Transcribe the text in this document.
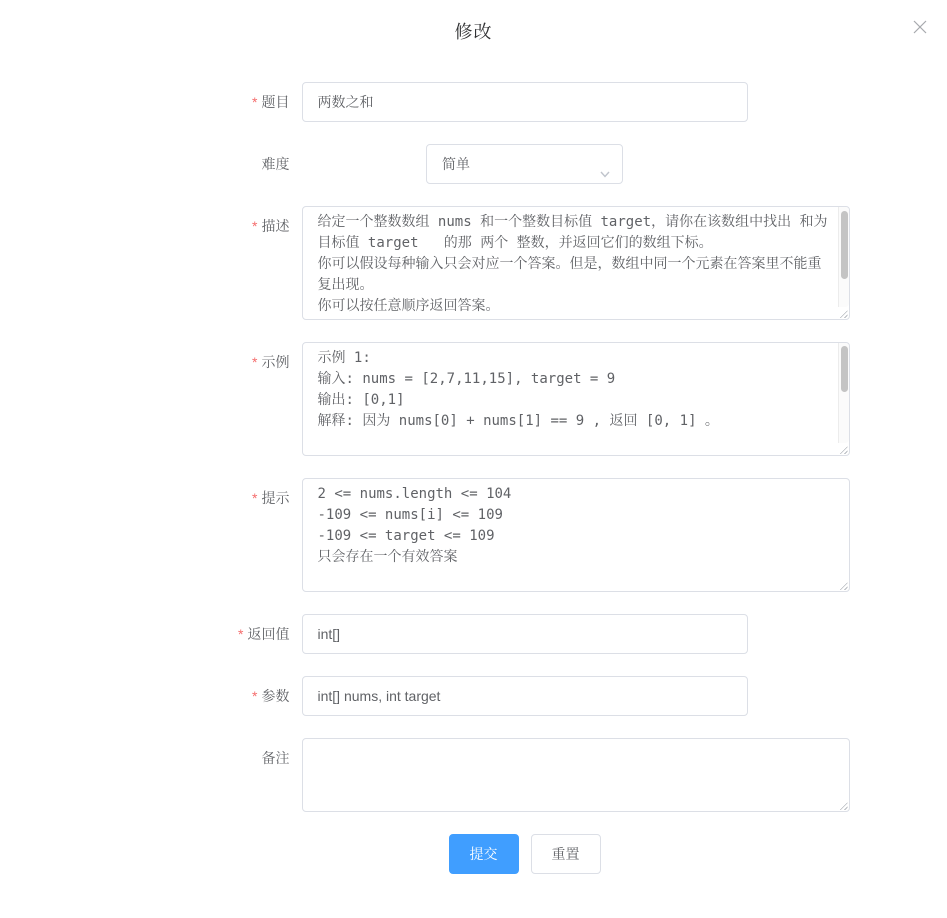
修改
* 题目
两数之和
难度	简单
* 描述
给定一个整数数组 nums 和一个整数目标值 target，请你在该数组中找出 和为目标值 target 的那 两个 整数，并返回它们的数组下标。 你可以假设每种输入只会对应一个答案。但是，数组中同一个元素在答案里不能重复出现。 你可以按任意顺序返回答案。
* 示例
示例 1: 输入: nums = [2,7,11,15], target = 9 输出: [0,1] 解释: 因为 nums[0] + nums[1] == 9 , 返回 [0, 1] 。 示例 2:
* 提示
2 <= nums.length <= 104 -109 <= nums[i] <= 109 -109 <= target <= 109 只会存在一个有效答案
* 返回值
int[]
* 参数
int[] nums, int target
备注
提交	重置
